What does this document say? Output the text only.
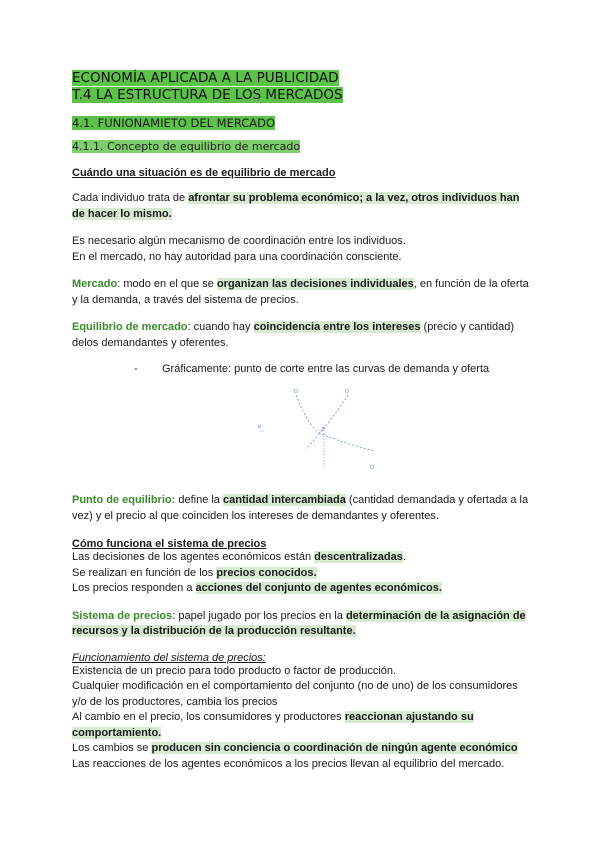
ECONOMÍA APLICADA A LA PUBLICIDAD
T.4 LA ESTRUCTURA DE LOS MERCADOS
4.1. FUNIONAMIETO DEL MERCADO
4.1.1. Concepto de equilibrio de mercado
Cuándo una situación es de equilibrio de mercado

Cada individuo trata de afrontar su problema económico; a la vez, otros individuos han de hacer lo mismo.

Es necesario algún mecanismo de coordinación entre los individuos.
En el mercado, no hay autoridad para una coordinación consciente.

Mercado: modo en el que se organizan las decisiones individuales, en función de la oferta y la demanda, a través del sistema de precios.

Equilibrio de mercado: cuando hay coincidencia entre los intereses (precio y cantidad) delos demandantes y oferentes.

-	Gráficamente: punto de corte entre las curvas de demanda y oferta
D	O
P	E
Q

Punto de equilibrio: define la cantidad intercambiada (cantidad demandada y ofertada a la vez) y el precio al que coinciden los intereses de demandantes y oferentes.

Cómo funciona el sistema de precios

Las decisiones de los agentes económicos están descentralizadas.
Se realizan en función de los precios conocidos.
Los precios responden a acciones del conjunto de agentes económicos.

Sistema de precios: papel jugado por los precios en la determinación de la asignación de recursos y la distribución de la producción resultante.

Funcionamiento del sistema de precios:

Existencia de un precio para todo producto o factor de producción.
Cualquier modificación en el comportamiento del conjunto (no de uno) de los consumidores y/o de los productores, cambia los precios
Al cambio en el precio, los consumidores y productores reaccionan ajustando su comportamiento.
Los cambios se producen sin conciencia o coordinación de ningún agente económico
Las reacciones de los agentes económicos a los precios llevan al equilibrio del mercado.
